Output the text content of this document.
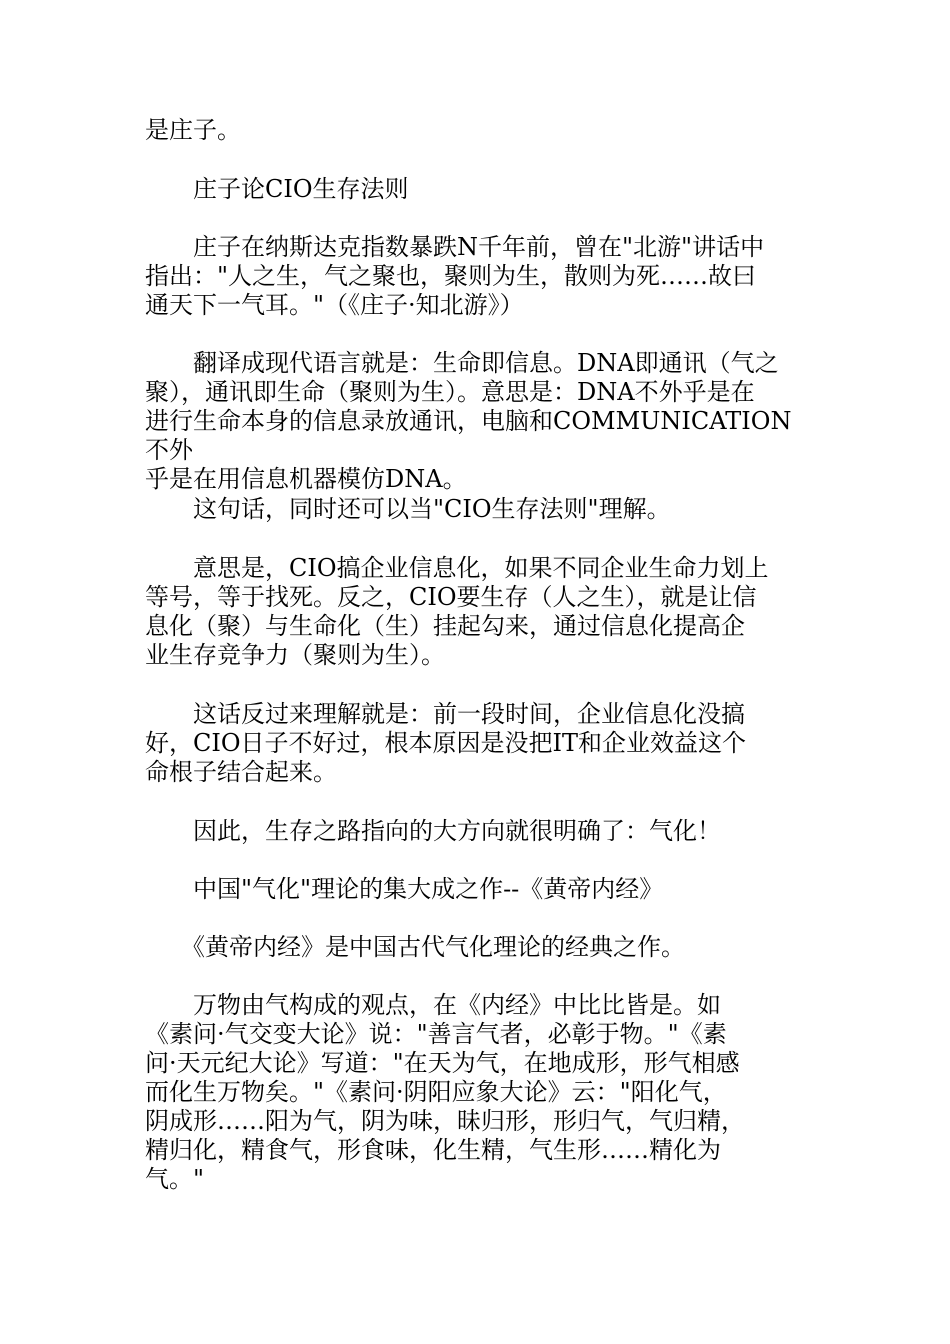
是庄子。

　　庄子论CIO生存法则

　　庄子在纳斯达克指数暴跌N千年前，曾在"北游"讲话中
指出："人之生，气之聚也，聚则为生，散则为死……故曰
通天下一气耳。"（《庄子·知北游》）

　　翻译成现代语言就是：生命即信息。DNA即通讯（气之
聚），通讯即生命（聚则为生）。意思是：DNA不外乎是在
进行生命本身的信息录放通讯，电脑和COMMUNICATION不外
乎是在用信息机器模仿DNA。

　　这句话，同时还可以当"CIO生存法则"理解。

　　意思是，CIO搞企业信息化，如果不同企业生命力划上
等号，等于找死。反之，CIO要生存（人之生），就是让信
息化（聚）与生命化（生）挂起勾来，通过信息化提高企
业生存竞争力（聚则为生）。

　　这话反过来理解就是：前一段时间，企业信息化没搞
好，CIO日子不好过，根本原因是没把IT和企业效益这个
命根子结合起来。

　　因此，生存之路指向的大方向就很明确了：气化！

　　中国"气化"理论的集大成之作--《黄帝内经》

　　《黄帝内经》是中国古代气化理论的经典之作。

　　万物由气构成的观点，在《内经》中比比皆是。如
《素问·气交变大论》说："善言气者，必彰于物。"《素
问·天元纪大论》写道："在天为气，在地成形，形气相感
而化生万物矣。"《素问·阴阳应象大论》云："阳化气，
阴成形……阳为气，阴为味，昧归形，形归气，气归精，
精归化，精食气，形食味，化生精，气生形……精化为
气。"
